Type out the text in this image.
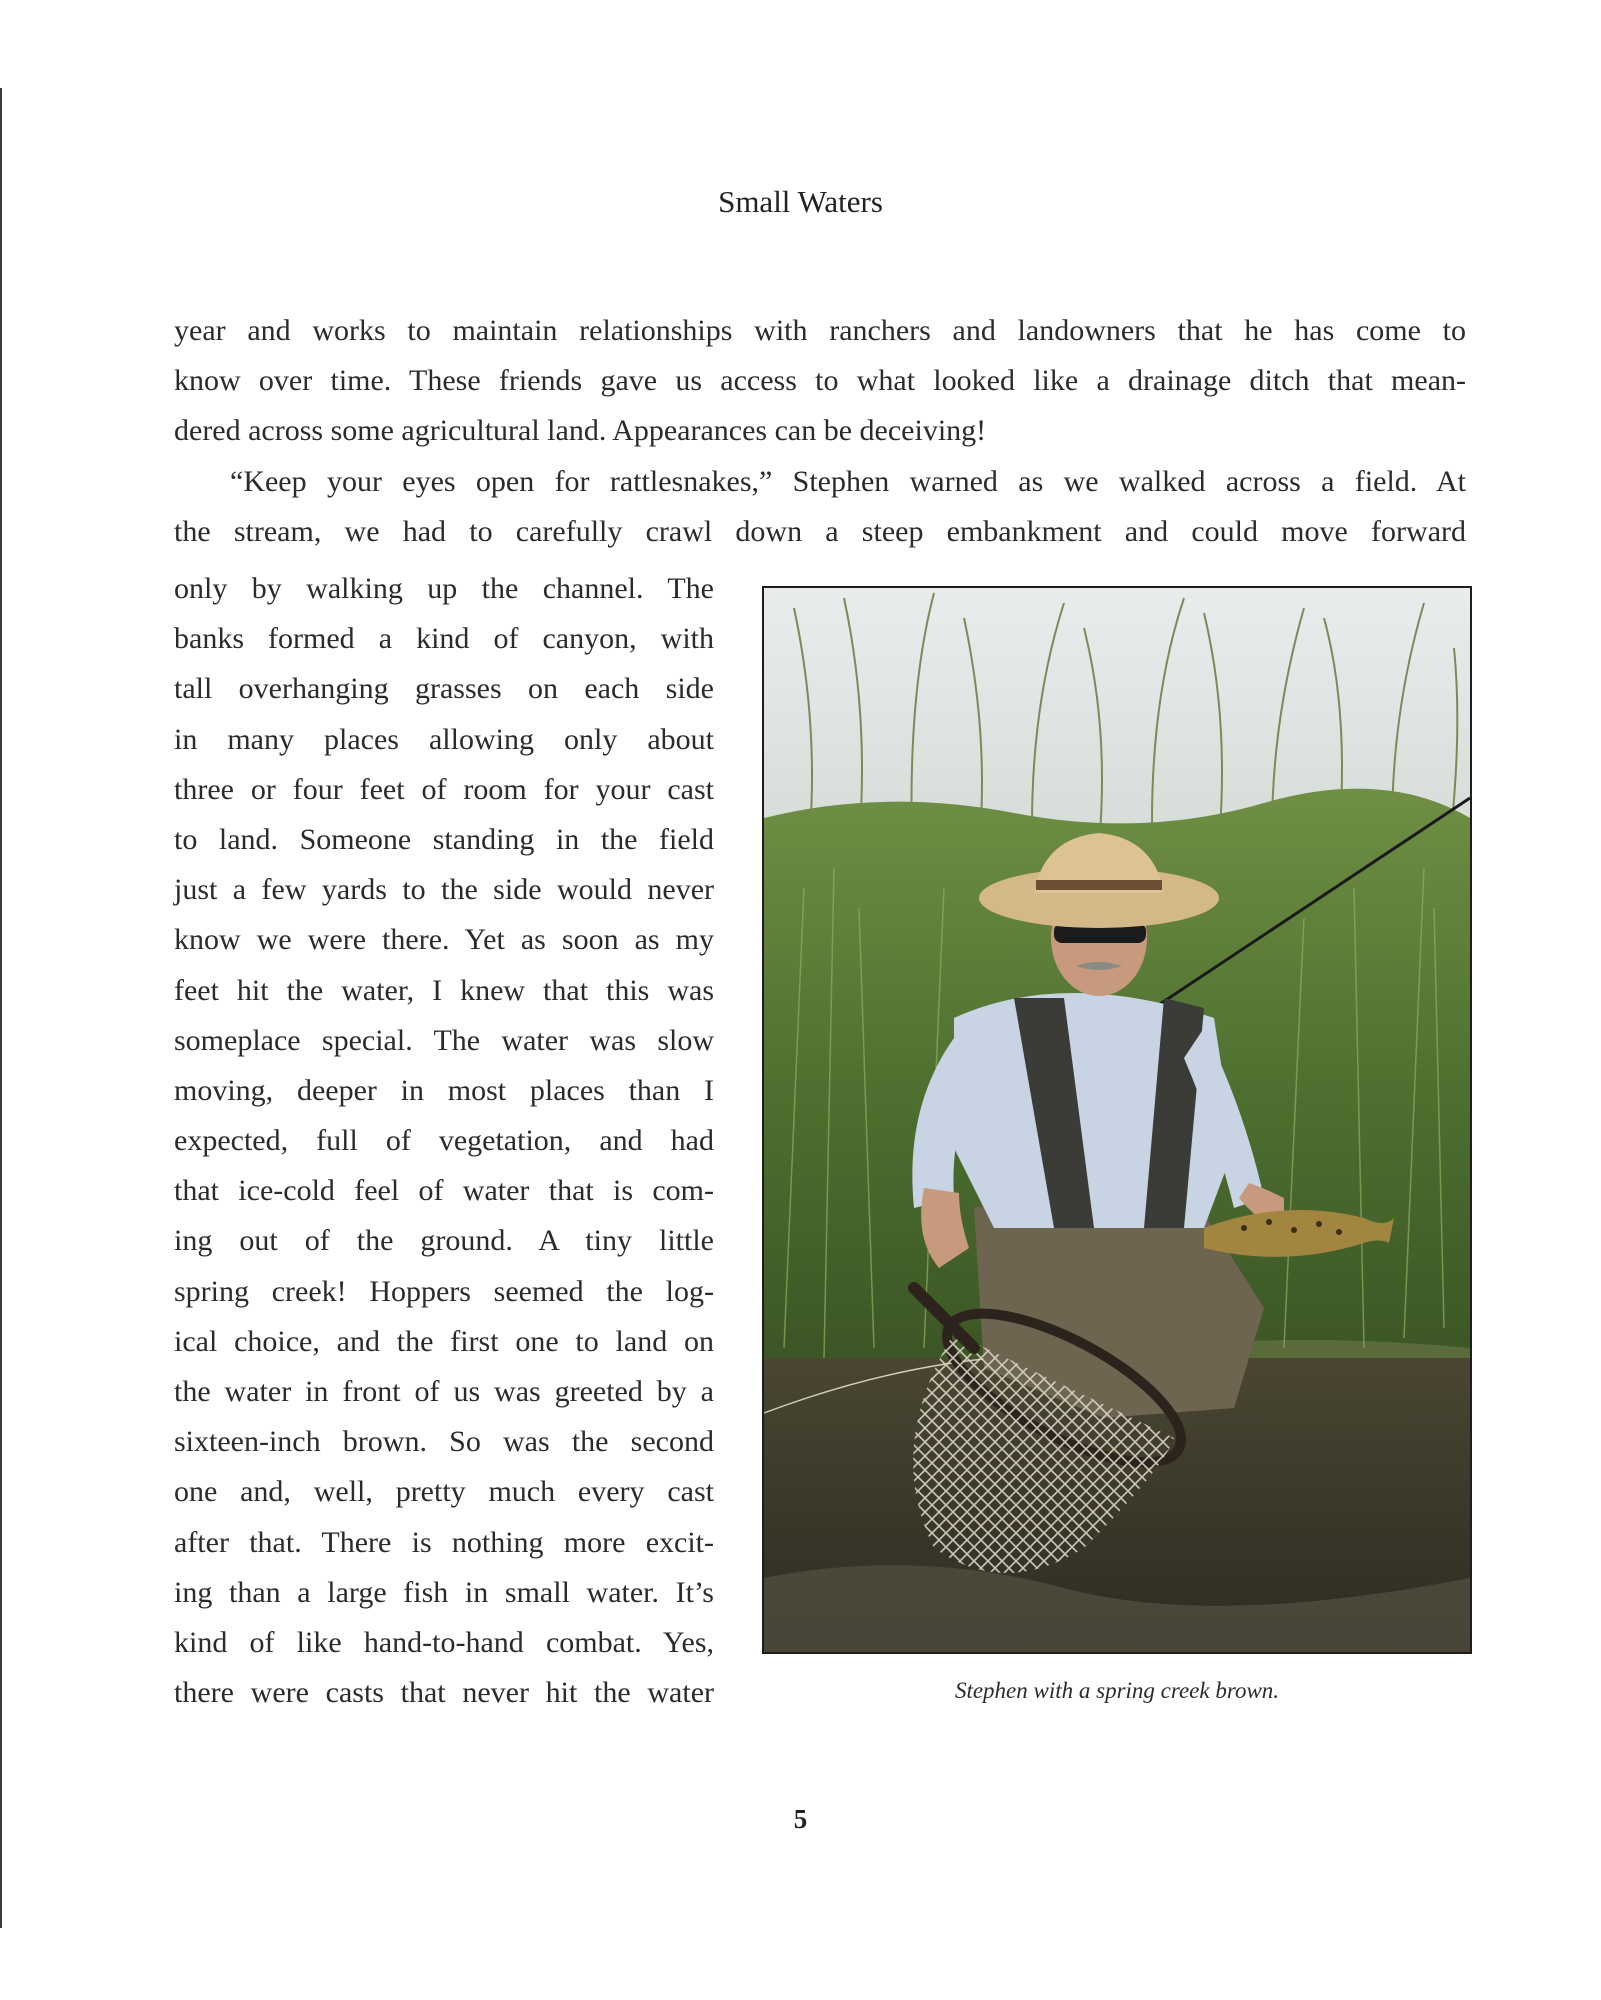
Small Waters
year and works to maintain relationships with ranchers and landowners that he has come to
know over time. These friends gave us access to what looked like a drainage ditch that mean-
dered across some agricultural land. Appearances can be deceiving!
“Keep your eyes open for rattlesnakes,” Stephen warned as we walked across a field. At
the stream, we had to carefully crawl down a steep embankment and could move forward
only by walking up the channel. The
banks formed a kind of canyon, with
tall overhanging grasses on each side
in many places allowing only about
three or four feet of room for your cast
to land. Someone standing in the field
just a few yards to the side would never
know we were there. Yet as soon as my
feet hit the water, I knew that this was
someplace special. The water was slow
moving, deeper in most places than I
expected, full of vegetation, and had
that ice-cold feel of water that is com-
ing out of the ground. A tiny little
spring creek! Hoppers seemed the log-
ical choice, and the first one to land on
the water in front of us was greeted by a
sixteen-inch brown. So was the second
one and, well, pretty much every cast
after that. There is nothing more excit-
ing than a large fish in small water. It’s
kind of like hand-to-hand combat. Yes,
there were casts that never hit the water	Stephen with a spring creek brown.
5
